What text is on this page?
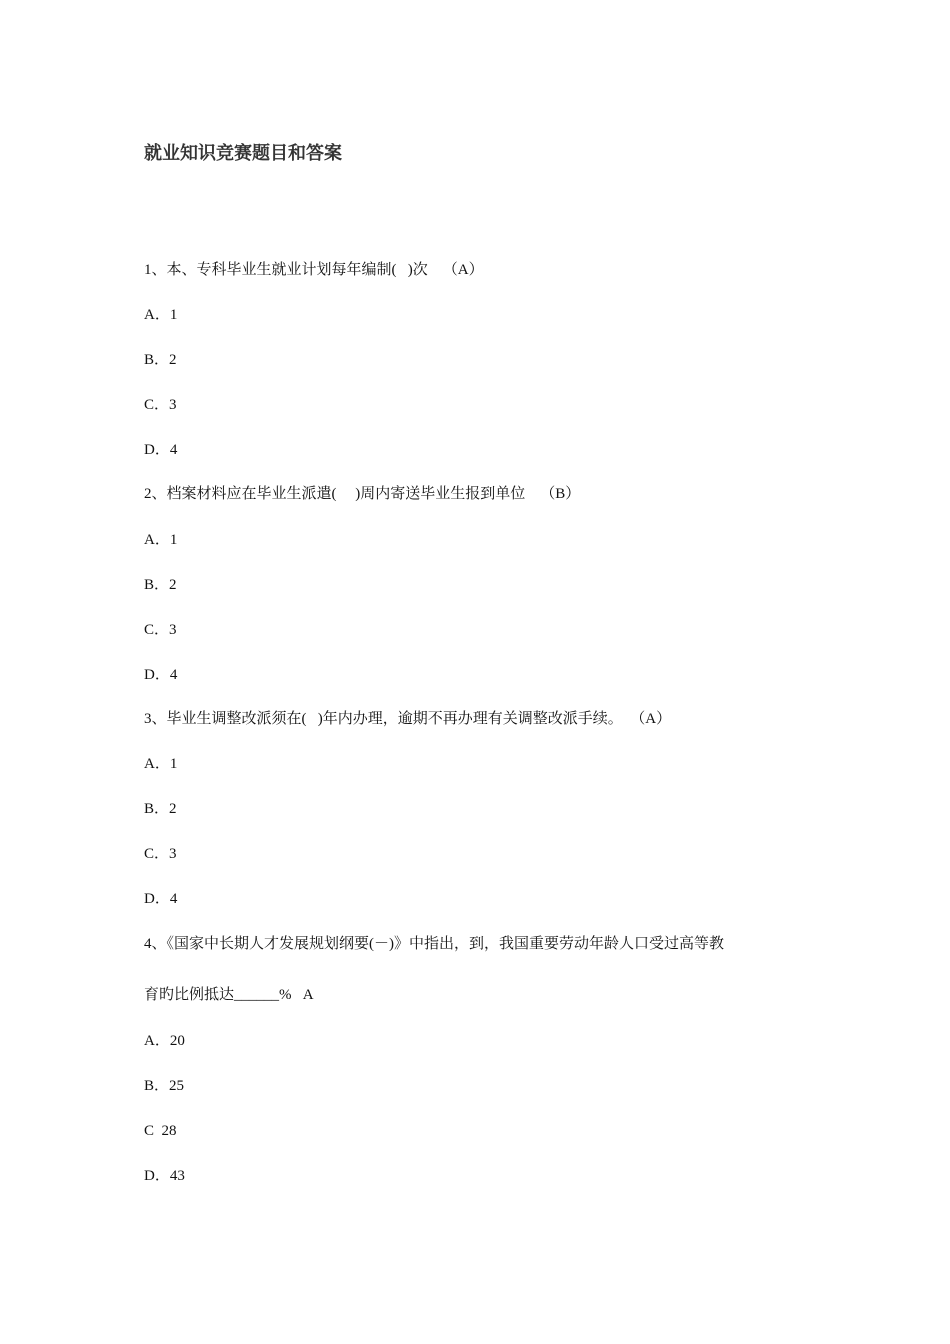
就业知识竞赛题目和答案
1、本、专科毕业生就业计划每年编制(   )次    （A）
A．1
B．2
C．3
D．4
2、档案材料应在毕业生派遣(     )周内寄送毕业生报到单位    （B）
A．1
B．2
C．3
D．4
3、毕业生调整改派须在(   )年内办理，逾期不再办理有关调整改派手续。  （A）
A．1
B．2
C．3
D．4
4、《国家中长期人才发展规划纲要(－)》中指出，到，我国重要劳动年龄人口受过高等教
育旳比例抵达______%   A
A．20
B．25
C  28
D．43
